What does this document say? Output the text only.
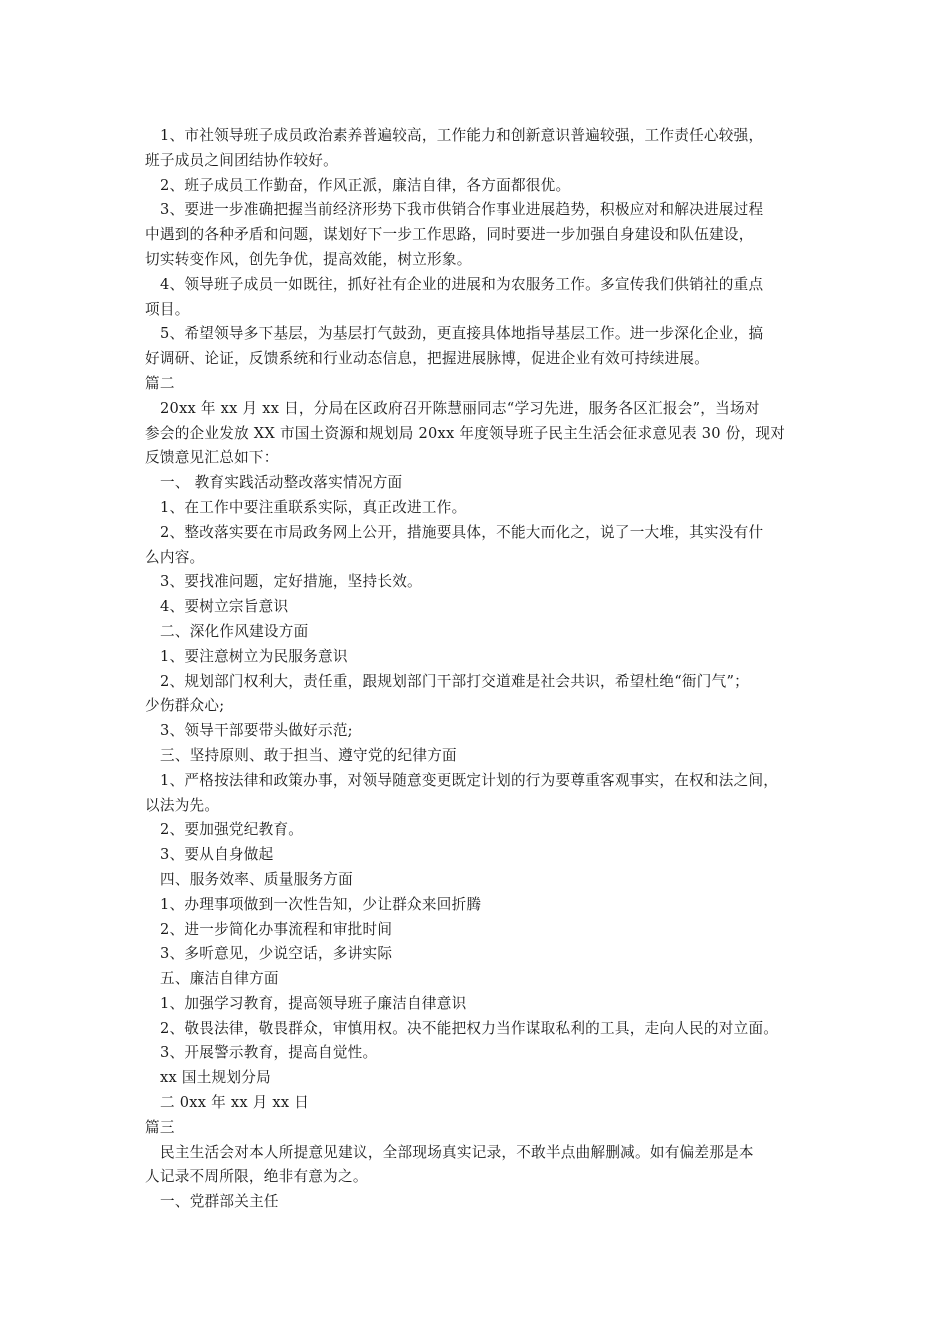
1、市社领导班子成员政治素养普遍较高，工作能力和创新意识普遍较强，工作责任心较强，
班子成员之间团结协作较好。
2、班子成员工作勤奋，作风正派，廉洁自律，各方面都很优。
3、要进一步准确把握当前经济形势下我市供销合作事业进展趋势，积极应对和解决进展过程
中遇到的各种矛盾和问题，谋划好下一步工作思路，同时要进一步加强自身建设和队伍建设，
切实转变作风，创先争优，提高效能，树立形象。
4、领导班子成员一如既往，抓好社有企业的进展和为农服务工作。多宣传我们供销社的重点
项目。
5、希望领导多下基层，为基层打气鼓劲，更直接具体地指导基层工作。进一步深化企业，搞
好调研、论证，反馈系统和行业动态信息，把握进展脉博，促进企业有效可持续进展。
篇二
20xx 年 xx 月 xx 日，分局在区政府召开陈慧丽同志“学习先进，服务各区汇报会”，当场对
参会的企业发放 XX 市国土资源和规划局 20xx 年度领导班子民主生活会征求意见表 30 份，现对
反馈意见汇总如下：
一、 教育实践活动整改落实情况方面
1、在工作中要注重联系实际，真正改进工作。
2、整改落实要在市局政务网上公开，措施要具体，不能大而化之，说了一大堆，其实没有什
么内容。
3、要找准问题，定好措施，坚持长效。
4、要树立宗旨意识
二、深化作风建设方面
1、要注意树立为民服务意识
2、规划部门权利大，责任重，跟规划部门干部打交道难是社会共识，希望杜绝“衙门气”；
少伤群众心;
3、领导干部要带头做好示范;
三、坚持原则、敢于担当、遵守党的纪律方面
1、严格按法律和政策办事，对领导随意变更既定计划的行为要尊重客观事实，在权和法之间，
以法为先。
2、要加强党纪教育。
3、要从自身做起
四、服务效率、质量服务方面
1、办理事项做到一次性告知，少让群众来回折腾
2、进一步简化办事流程和审批时间
3、多听意见，少说空话，多讲实际
五、廉洁自律方面
1、加强学习教育，提高领导班子廉洁自律意识
2、敬畏法律，敬畏群众，审慎用权。决不能把权力当作谋取私利的工具，走向人民的对立面。
3、开展警示教育，提高自觉性。
xx 国土规划分局
二 0xx 年 xx 月 xx 日
篇三
民主生活会对本人所提意见建议，全部现场真实记录，不敢半点曲解删减。如有偏差那是本
人记录不周所限，绝非有意为之。
一、党群部关主任
